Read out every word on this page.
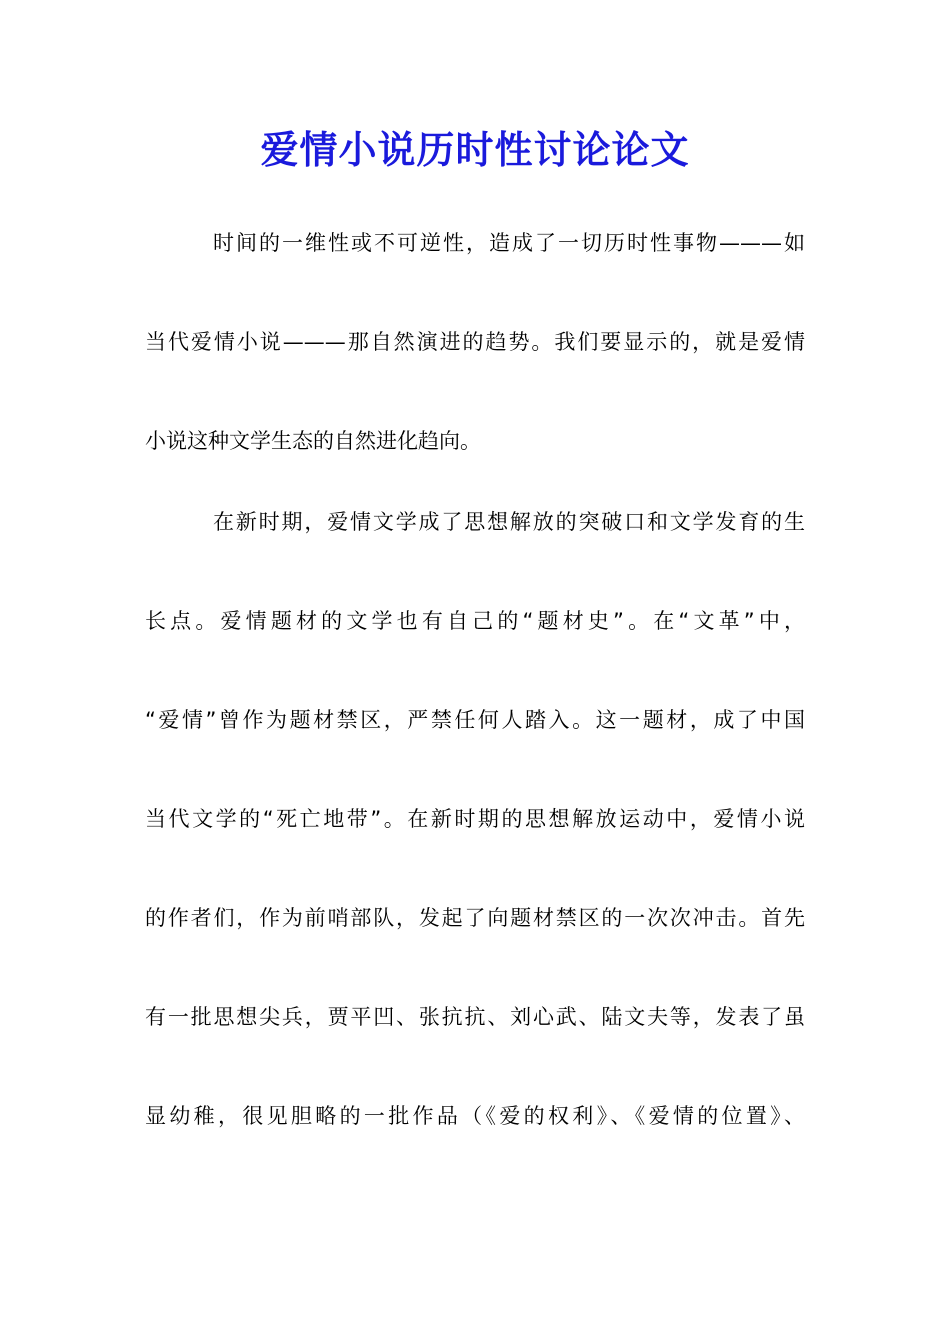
爱情小说历时性讨论论文
时间的一维性或不可逆性，造成了一切历时性事物———如
当代爱情小说———那自然演进的趋势。我们要显示的，就是爱情
小说这种文学生态的自然进化趋向。
在新时期，爱情文学成了思想解放的突破口和文学发育的生
长点。爱情题材的文学也有自己的“题材史”。在“文革”中，
“爱情”曾作为题材禁区，严禁任何人踏入。这一题材，成了中国
当代文学的“死亡地带”。在新时期的思想解放运动中，爱情小说
的作者们，作为前哨部队，发起了向题材禁区的一次次冲击。首先
有一批思想尖兵，贾平凹、张抗抗、刘心武、陆文夫等，发表了虽
显幼稚，很见胆略的一批作品（《爱的权利》、《爱情的位置》、
